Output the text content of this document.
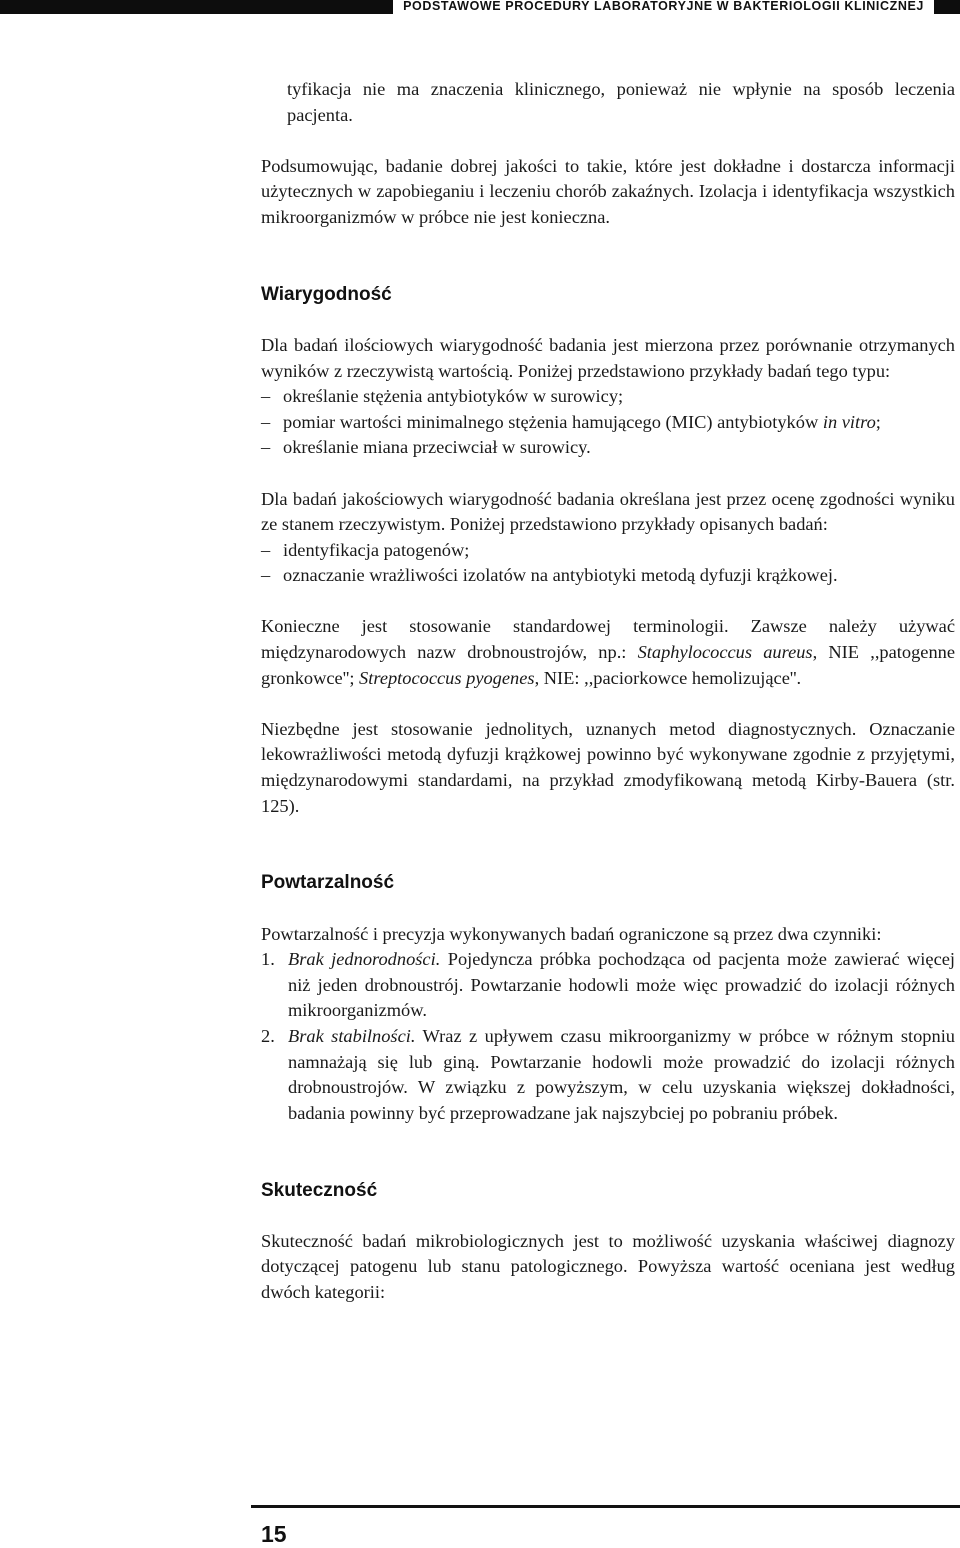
PODSTAWOWE PROCEDURY LABORATORYJNE W BAKTERIOLOGII KLINICZNEJ

tyfikacja nie ma znaczenia klinicznego, ponieważ nie wpłynie na sposób leczenia pacjenta.

Podsumowując, badanie dobrej jakości to takie, które jest dokładne i dostarcza informacji użytecznych w zapobieganiu i leczeniu chorób zakaźnych. Izolacja i identyfikacja wszystkich mikroorganizmów w próbce nie jest konieczna.

Wiarygodność

Dla badań ilościowych wiarygodność badania jest mierzona przez porównanie otrzymanych wyników z rzeczywistą wartością. Poniżej przedstawiono przykłady badań tego typu:

– określanie stężenia antybiotyków w surowicy;
– pomiar wartości minimalnego stężenia hamującego (MIC) antybiotyków in vitro;
– określanie miana przeciwciał w surowicy.

Dla badań jakościowych wiarygodność badania określana jest przez ocenę zgodności wyniku ze stanem rzeczywistym. Poniżej przedstawiono przykłady opisanych badań:

– identyfikacja patogenów;
– oznaczanie wrażliwości izolatów na antybiotyki metodą dyfuzji krążkowej.

Konieczne jest stosowanie standardowej terminologii. Zawsze należy używać międzynarodowych nazw drobnoustrojów, np.: Staphylococcus aureus, NIE ,,patogenne gronkowce''; Streptococcus pyogenes, NIE: ,,paciorkowce hemolizujące''.

Niezbędne jest stosowanie jednolitych, uznanych metod diagnostycznych. Oznaczanie lekowrażliwości metodą dyfuzji krążkowej powinno być wykonywane zgodnie z przyjętymi, międzynarodowymi standardami, na przykład zmodyfikowaną metodą Kirby-Bauera (str. 125).

Powtarzalność

Powtarzalność i precyzja wykonywanych badań ograniczone są przez dwa czynniki:

1. Brak jednorodności. Pojedyncza próbka pochodząca od pacjenta może zawierać więcej niż jeden drobnoustrój. Powtarzanie hodowli może więc prowadzić do izolacji różnych mikroorganizmów.
2. Brak stabilności. Wraz z upływem czasu mikroorganizmy w próbce w różnym stopniu namnażają się lub giną. Powtarzanie hodowli może prowadzić do izolacji różnych drobnoustrojów. W związku z powyższym, w celu uzyskania większej dokładności, badania powinny być przeprowadzane jak najszybciej po pobraniu próbek.
Skuteczność

Skuteczność badań mikrobiologicznych jest to możliwość uzyskania właściwej diagnozy dotyczącej patogenu lub stanu patologicznego. Powyższa wartość oceniana jest według dwóch kategorii:

15
